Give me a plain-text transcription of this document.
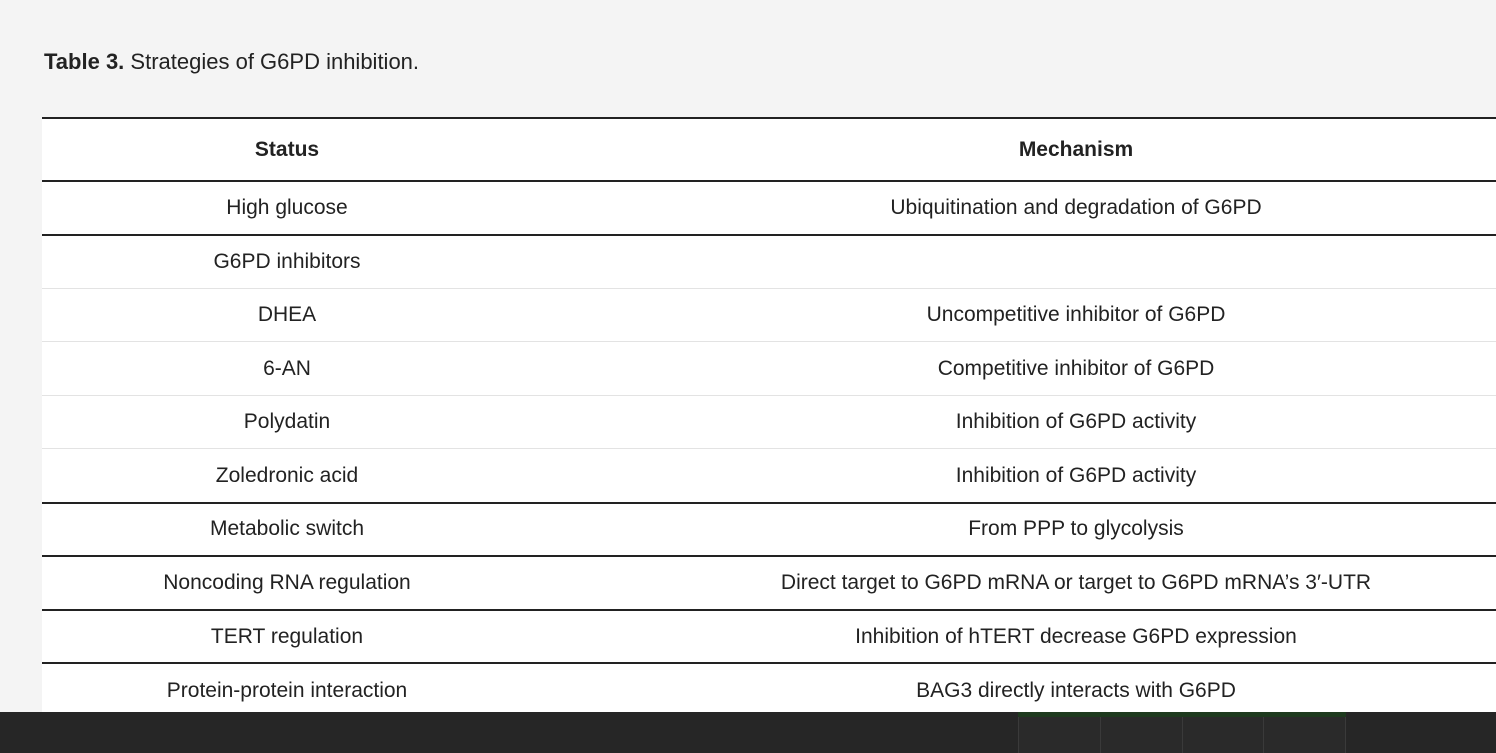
Table 3. Strategies of G6PD inhibition.
Status	Mechanism
High glucose	Ubiquitination and degradation of G6PD
G6PD inhibitors	
DHEA	Uncompetitive inhibitor of G6PD
6-AN	Competitive inhibitor of G6PD
Polydatin	Inhibition of G6PD activity
Zoledronic acid	Inhibition of G6PD activity
Metabolic switch	From PPP to glycolysis
Noncoding RNA regulation	Direct target to G6PD mRNA or target to G6PD mRNA’s 3′-UTR
TERT regulation	Inhibition of hTERT decrease G6PD expression
Protein-protein interaction	BAG3 directly interacts with G6PD
